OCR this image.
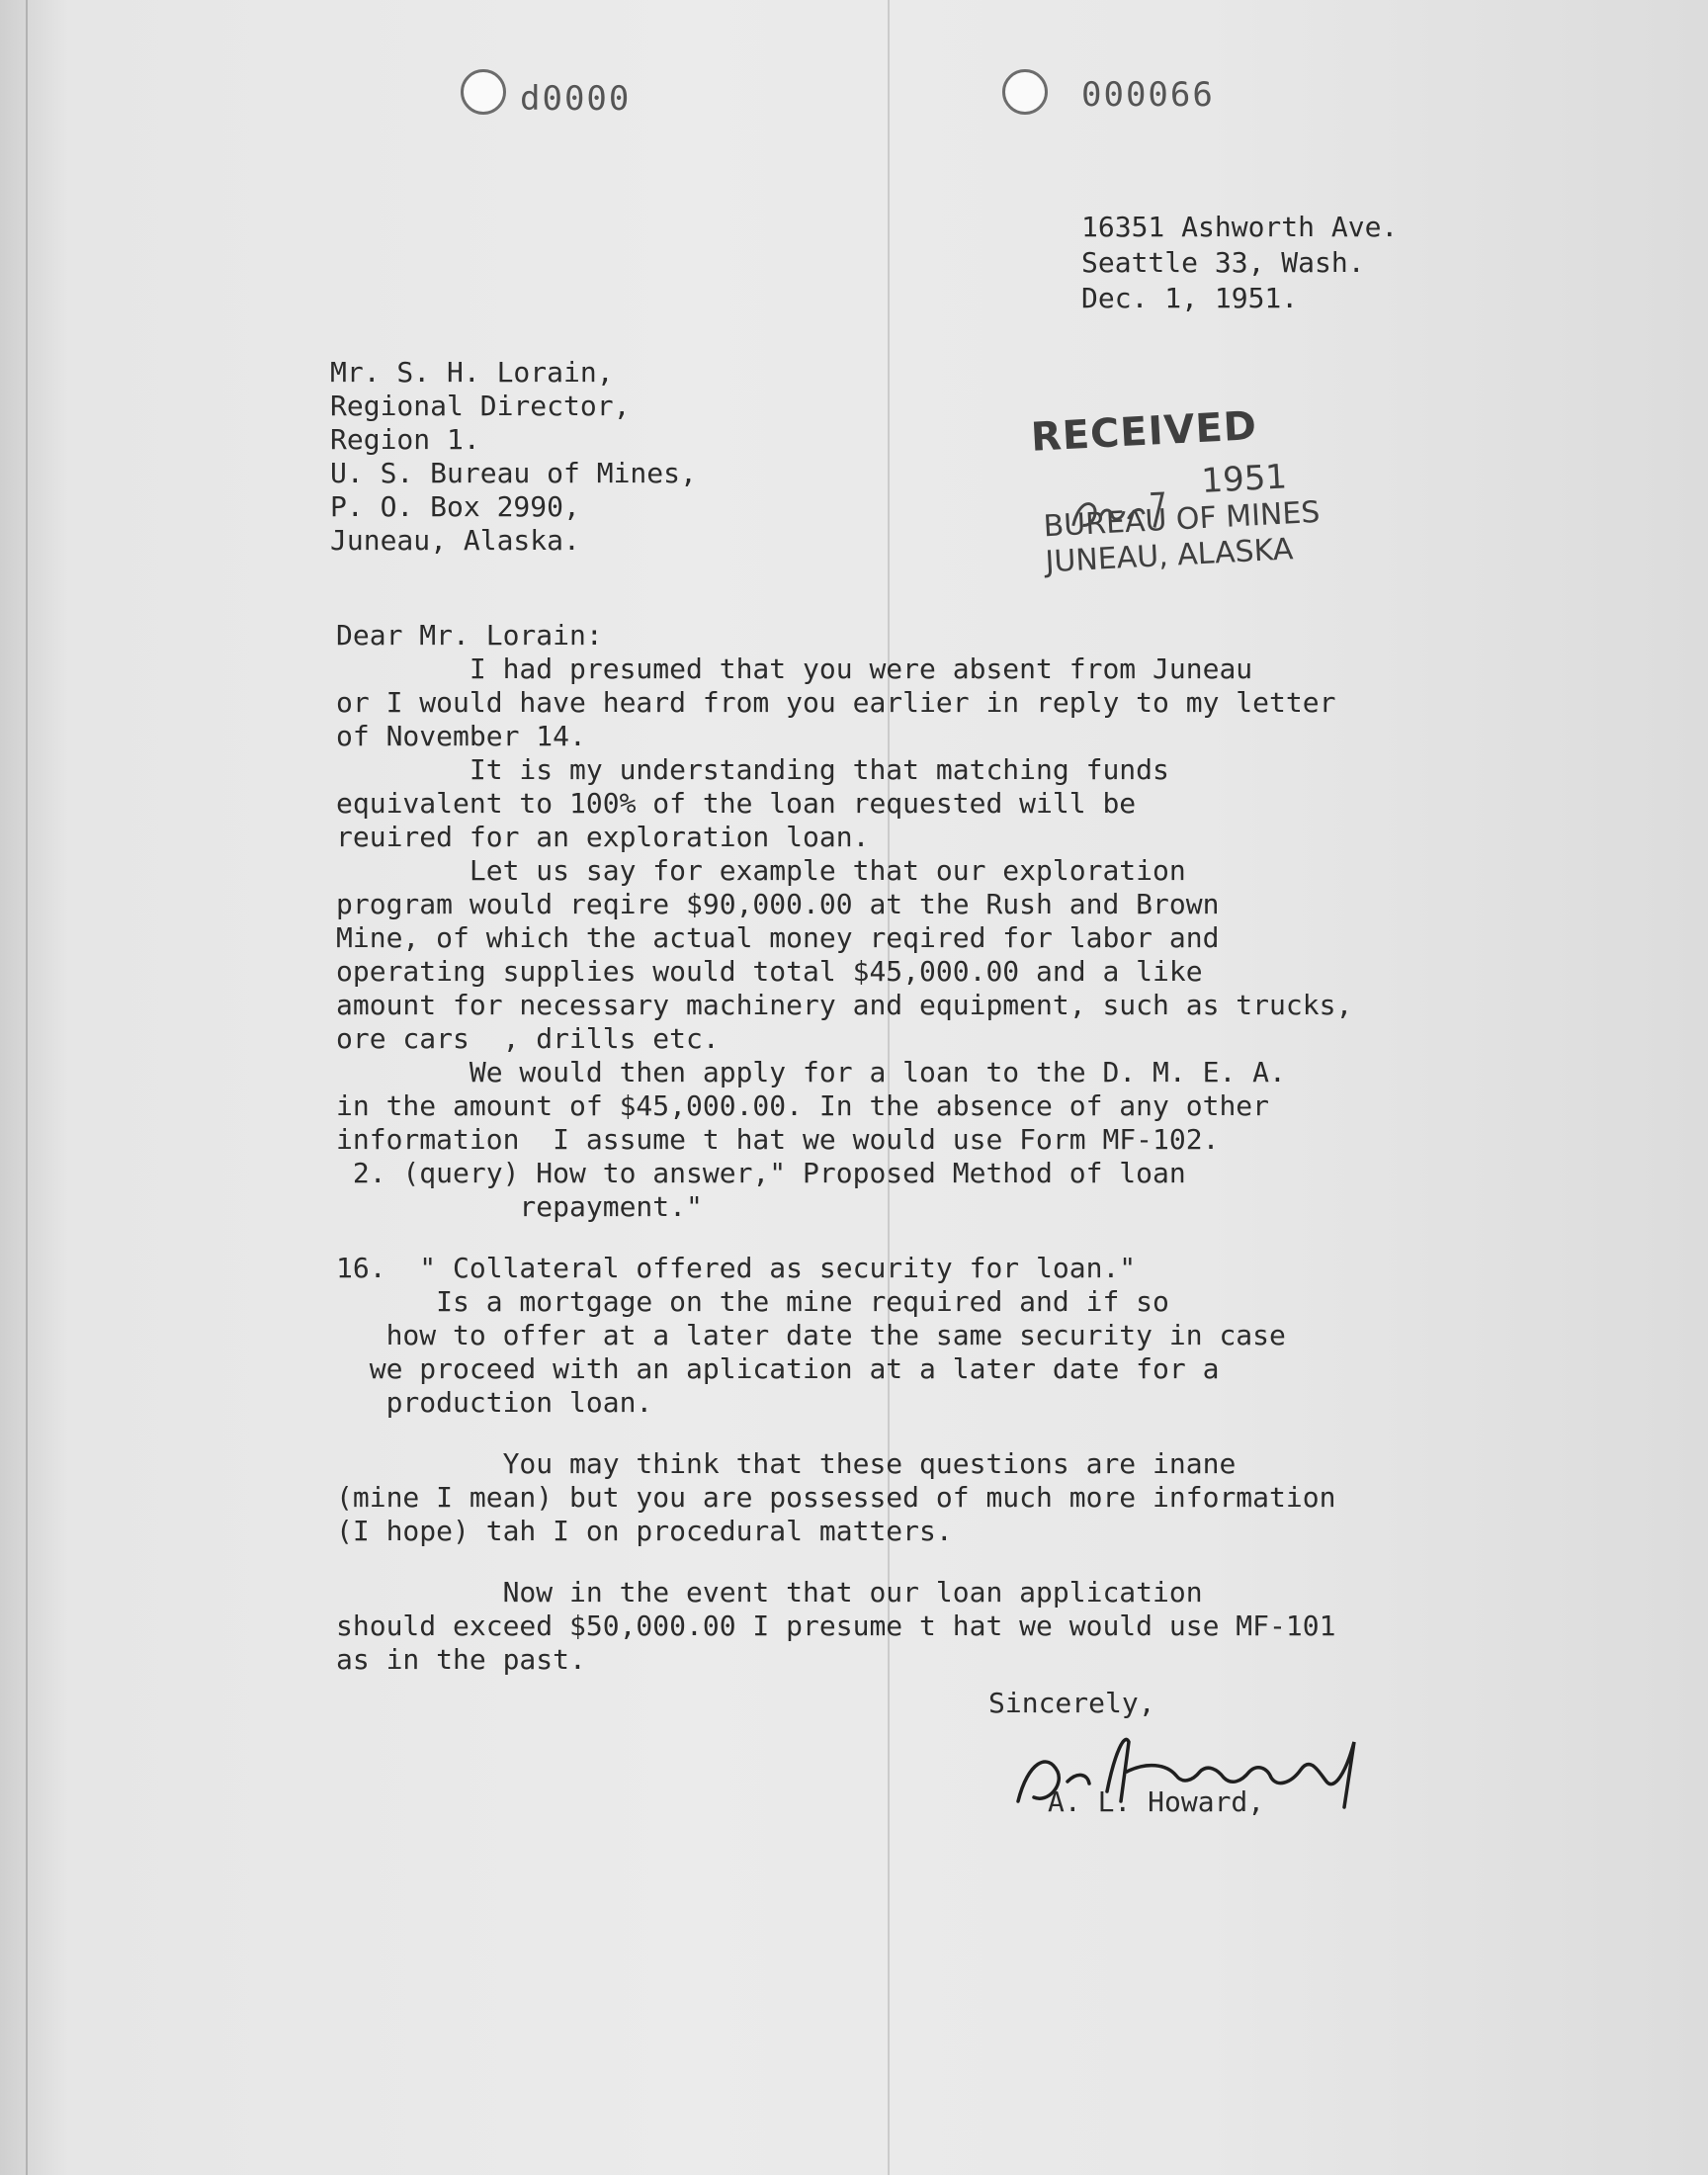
d0000	000066
16351 Ashworth Ave.
Seattle 33, Wash.
Dec. 1, 1951.
Mr. S. H. Lorain,
Regional Director,
Region 1.
U. S. Bureau of Mines,
P. O. Box 2990,
Juneau, Alaska.
RECEIVED
1951
BUREAU OF MINES
JUNEAU, ALASKA

Dear Mr. Lorain:

I had presumed that you were absent from Juneau

or I would have heard from you earlier in reply to my letter

of November 14.

It is my understanding that matching funds

equivalent to 100% of the loan requested will be

reuired for an exploration loan.

Let us say for example that our exploration

program would reqire $90,000.00 at the Rush and Brown

Mine, of which the actual money reqired for labor and

operating supplies would total $45,000.00 and a like

amount for necessary machinery and equipment, such as trucks,

ore cars  , drills etc.

We would then apply for a loan to the D. M. E. A.

in the amount of $45,000.00. In the absence of any other

information  I assume t hat we would use Form MF-102.

2. (query) How to answer," Proposed Method of loan

repayment."

16.  " Collateral offered as security for loan."

Is a mortgage on the mine required and if so

how to offer at a later date the same security in case

we proceed with an aplication at a later date for a

production loan.

You may think that these questions are inane

(mine I mean) but you are possessed of much more information

(I hope) tah I on procedural matters.

Now in the event that our loan application

should exceed $50,000.00 I presume t hat we would use MF-101

as in the past.

Sincerely,
A. L. Howard,
